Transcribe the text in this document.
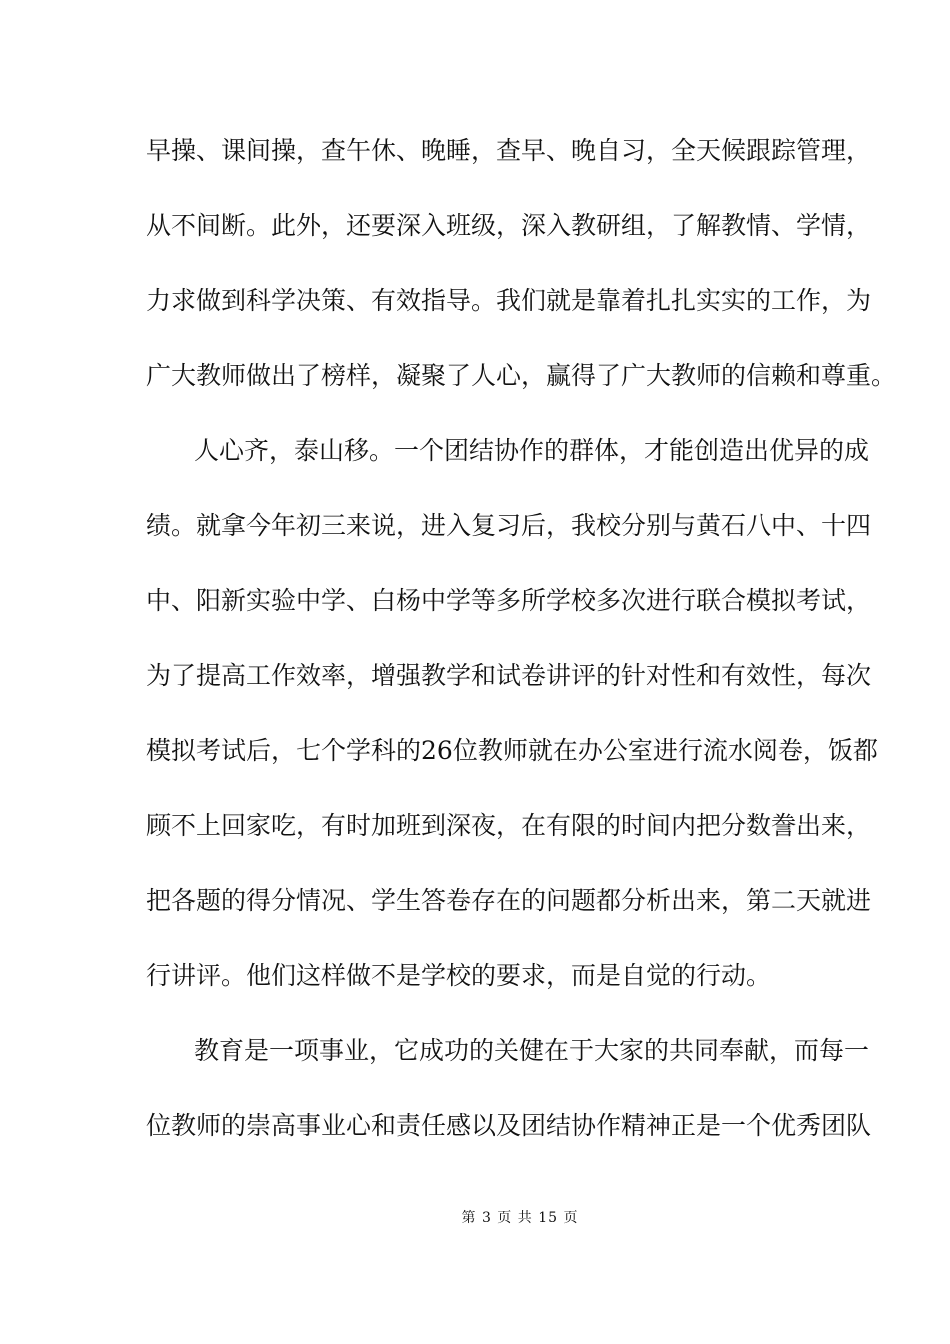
早操、课间操，查午休、晚睡，查早、晚自习，全天候跟踪管理，
从不间断。此外，还要深入班级，深入教研组，了解教情、学情，
力求做到科学决策、有效指导。我们就是靠着扎扎实实的工作，为
广大教师做出了榜样，凝聚了人心，赢得了广大教师的信赖和尊重。
人心齐，泰山移。一个团结协作的群体，才能创造出优异的成
绩。就拿今年初三来说，进入复习后，我校分别与黄石八中、十四
中、阳新实验中学、白杨中学等多所学校多次进行联合模拟考试，
为了提高工作效率，增强教学和试卷讲评的针对性和有效性，每次
模拟考试后，七个学科的26位教师就在办公室进行流水阅卷，饭都
顾不上回家吃，有时加班到深夜，在有限的时间内把分数誊出来，
把各题的得分情况、学生答卷存在的问题都分析出来，第二天就进
行讲评。他们这样做不是学校的要求，而是自觉的行动。
教育是一项事业，它成功的关健在于大家的共同奉献，而每一
位教师的崇高事业心和责任感以及团结协作精神正是一个优秀团队
第 3 页 共 15 页
